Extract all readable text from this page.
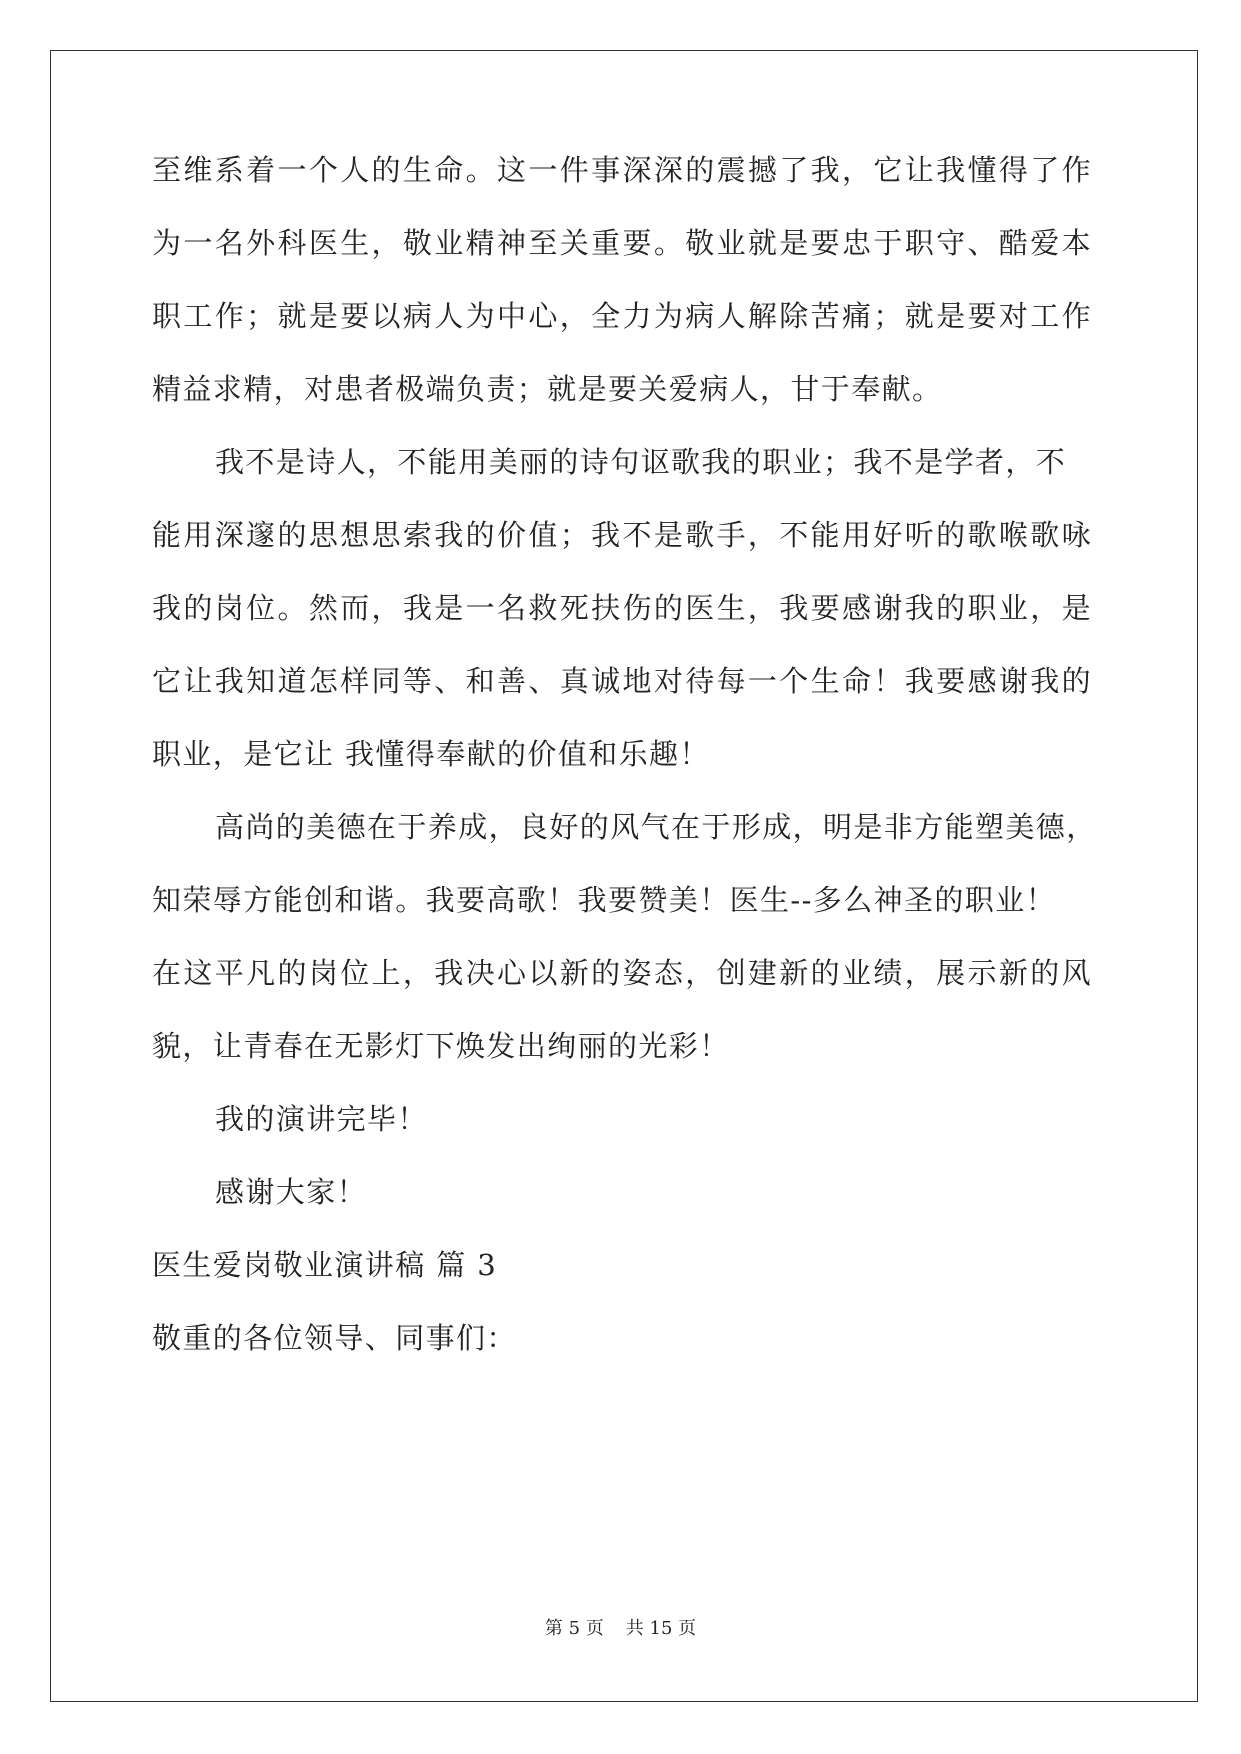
至维系着一个人的生命。这一件事深深的震撼了我，它让我懂得了作
为一名外科医生，敬业精神至关重要。敬业就是要忠于职守、酷爱本
职工作；就是要以病人为中心，全力为病人解除苦痛；就是要对工作
精益求精，对患者极端负责；就是要关爱病人，甘于奉献。
我不是诗人，不能用美丽的诗句讴歌我的职业；我不是学者，不
能用深邃的思想思索我的价值；我不是歌手，不能用好听的歌喉歌咏
我的岗位。然而，我是一名救死扶伤的医生，我要感谢我的职业，是
它让我知道怎样同等、和善、真诚地对待每一个生命！我要感谢我的
职业，是它让 我懂得奉献的价值和乐趣！
高尚的美德在于养成，良好的风气在于形成，明是非方能塑美德，
知荣辱方能创和谐。我要高歌！我要赞美！医生--多么神圣的职业！
在这平凡的岗位上，我决心以新的姿态，创建新的业绩，展示新的风
貌，让青春在无影灯下焕发出绚丽的光彩！
我的演讲完毕！
感谢大家！
医生爱岗敬业演讲稿 篇 3
敬重的各位领导、同事们：
第 5 页 共 15 页
